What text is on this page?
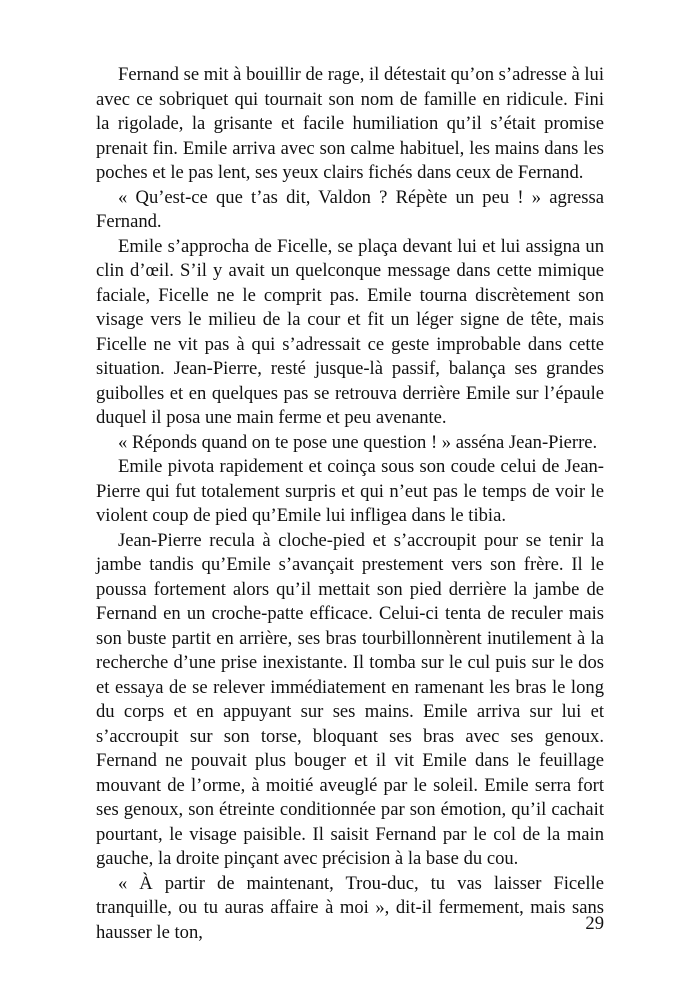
Fernand se mit à bouillir de rage, il détestait qu’on s’adresse à lui avec ce sobriquet qui tournait son nom de famille en ridicule. Fini la rigolade, la grisante et facile humiliation qu’il s’était promise prenait fin. Emile arriva avec son calme habituel, les mains dans les poches et le pas lent, ses yeux clairs fichés dans ceux de Fernand.

« Qu’est-ce que t’as dit, Valdon ? Répète un peu ! » agressa Fernand.

Emile s’approcha de Ficelle, se plaça devant lui et lui assigna un clin d’œil. S’il y avait un quelconque message dans cette mimique faciale, Ficelle ne le comprit pas. Emile tourna discrètement son visage vers le milieu de la cour et fit un léger signe de tête, mais Ficelle ne vit pas à qui s’adressait ce geste improbable dans cette situation. Jean-Pierre, resté jusque-là passif, balança ses grandes guibolles et en quelques pas se retrouva derrière Emile sur l’épaule duquel il posa une main ferme et peu avenante.

« Réponds quand on te pose une question ! » asséna Jean-Pierre.

Emile pivota rapidement et coinça sous son coude celui de Jean-Pierre qui fut totalement surpris et qui n’eut pas le temps de voir le violent coup de pied qu’Emile lui infligea dans le tibia.

Jean-Pierre recula à cloche-pied et s’accroupit pour se tenir la jambe tandis qu’Emile s’avançait prestement vers son frère. Il le poussa fortement alors qu’il mettait son pied derrière la jambe de Fernand en un croche-patte efficace. Celui-ci tenta de reculer mais son buste partit en arrière, ses bras tourbillonnèrent inutilement à la recherche d’une prise inexistante. Il tomba sur le cul puis sur le dos et essaya de se relever immédiatement en ramenant les bras le long du corps et en appuyant sur ses mains. Emile arriva sur lui et s’accroupit sur son torse, bloquant ses bras avec ses genoux. Fernand ne pouvait plus bouger et il vit Emile dans le feuillage mouvant de l’orme, à moitié aveuglé par le soleil. Emile serra fort ses genoux, son étreinte conditionnée par son émotion, qu’il cachait pourtant, le visage paisible. Il saisit Fernand par le col de la main gauche, la droite pinçant avec précision à la base du cou.

« À partir de maintenant, Trou-duc, tu vas laisser Ficelle tranquille, ou tu auras affaire à moi », dit-il fermement, mais sans hausser le ton,	29
